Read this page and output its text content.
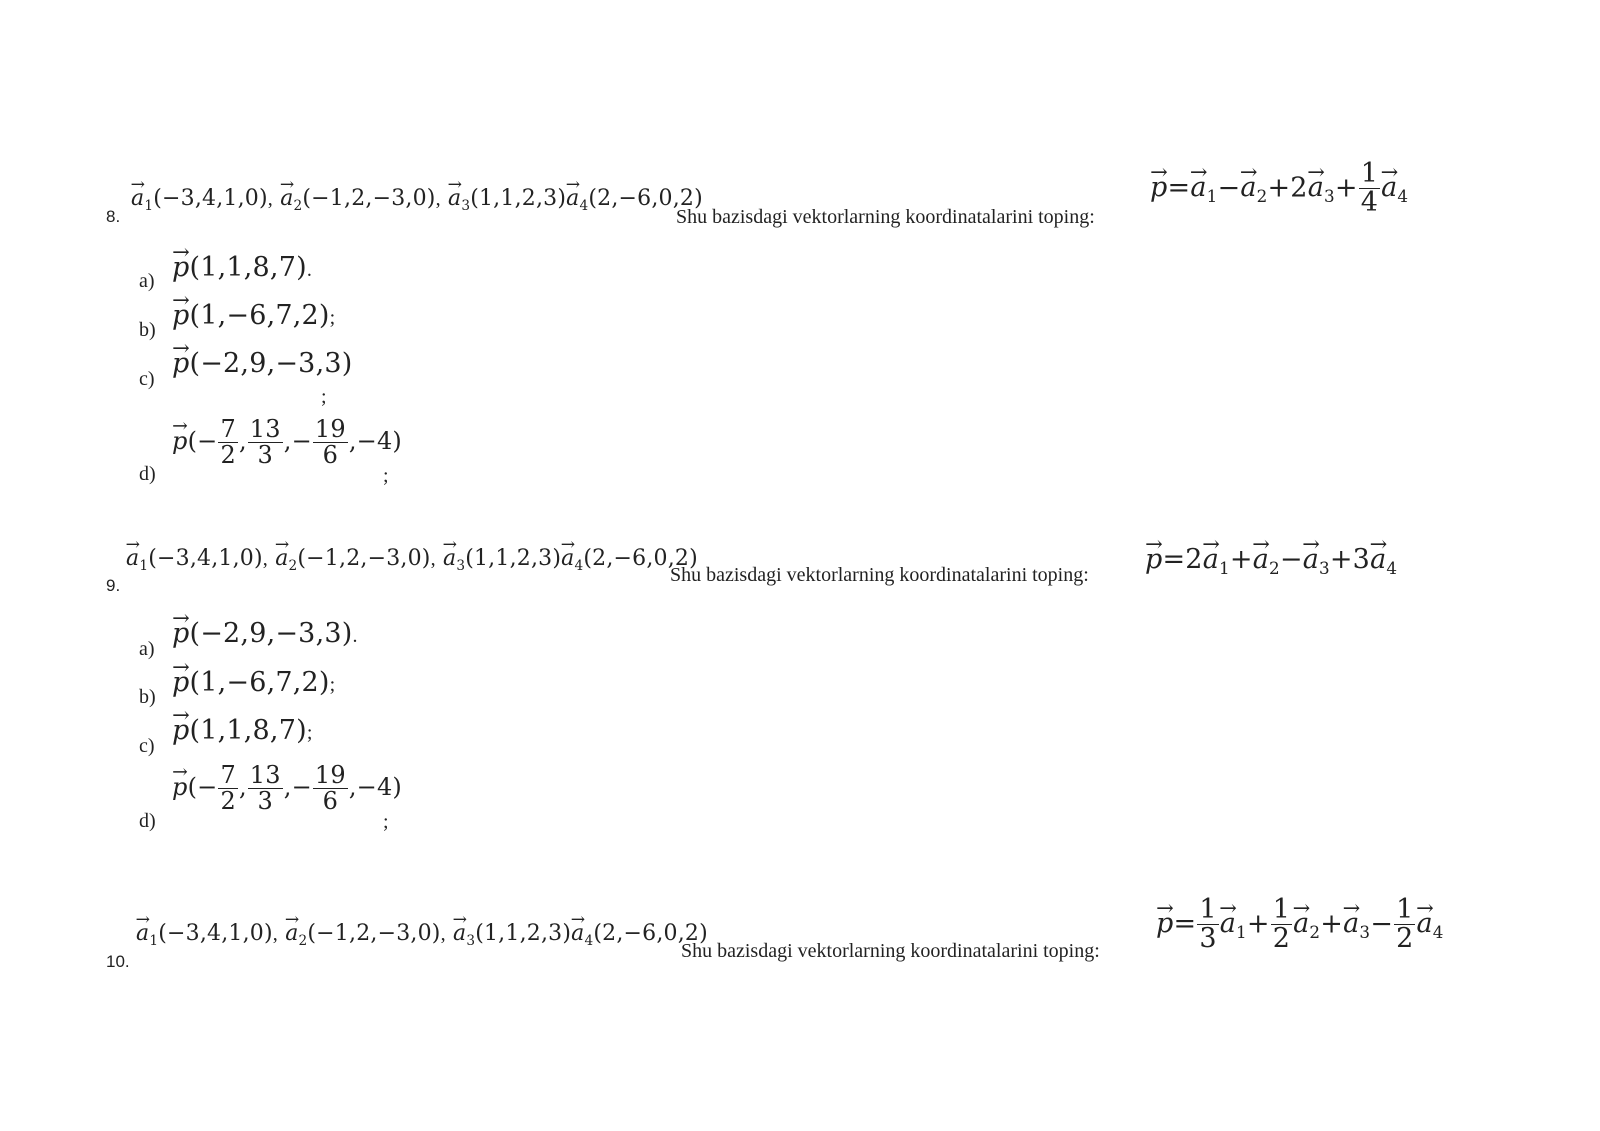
8.
→ $a_1(-3,4,1,0)$, → $a_2(-1,2,-3,0)$, → $a_3(1,1,2,3)\to a_4(2,-6,0,2)$
Shu bazisdagi vektorlarning koordinatalarini toping:
→ $p=\to a_1-\to a_2+2\to a_3+ \frac{1}{4}$
→ $a_4$
a)
→ p(1,1,8,7).
b)
→ p(1,−6,7,2);
c)
→ p(−2,9,−3,3)
;
d)
→ $p(- \frac{7}{2}$ , $\frac{13}{3}$ ,− $\frac{19}{6} ,-4$)
;
9.
→ $a_1(-3,4,1,0)$, → $a_2(-1,2,-3,0)$, → $a_3(1,1,2,3)\to a_4(2,-6,0,2)$
Shu bazisdagi vektorlarning koordinatalarini toping:
→ $p=2\to a_1+\to a_2-\to a_3+3\to a_4$
a)
→ p(−2,9,−3,3).
b)
→ p(1,−6,7,2);
c)
→ p(1,1,8,7);
d)
→ $p(- \frac{7}{2}$ , $\frac{13}{3}$ ,− $\frac{19}{6} ,-4$)
;
10.
→ $a_1(-3,4,1,0)$, → $a_2(-1,2,-3,0)$, → $a_3(1,1,2,3)\to a_4(2,-6,0,2)$
Shu bazisdagi vektorlarning koordinatalarini toping:
→ $p= \frac{1}{3}$
→ $a_1+ \frac{1}{2}$
→ $a_2+\to a_3- \frac{1}{2}$
→ $a_4$
